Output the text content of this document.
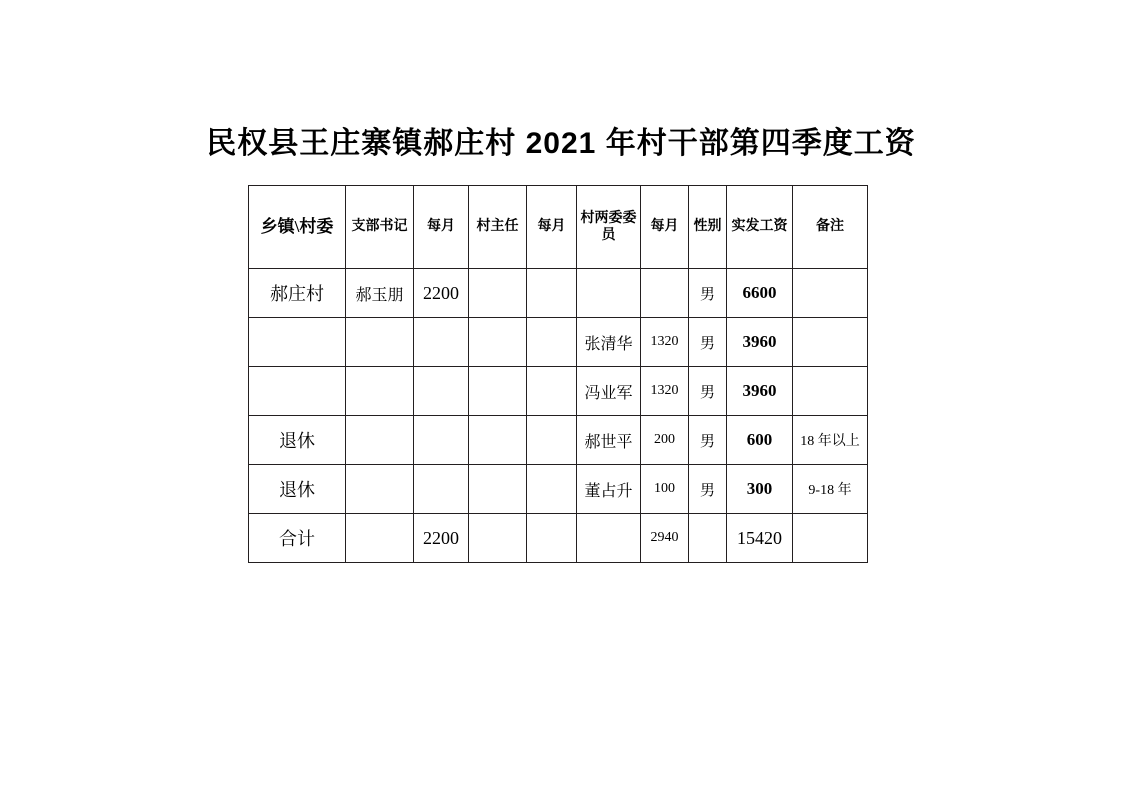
民权县王庄寨镇郝庄村 2021 年村干部第四季度工资
乡镇\村委	支部书记	每月	村主任	每月	村两委委员	每月	性别	实发工资	备注
郝庄村	郝玉朋	2200					男	6600	
					张清华	1320	男	3960	
					冯业军	1320	男	3960	
退休					郝世平	200	男	600	18 年以上
退休					董占升	100	男	300	9-18 年
合计		2200				2940		15420	
